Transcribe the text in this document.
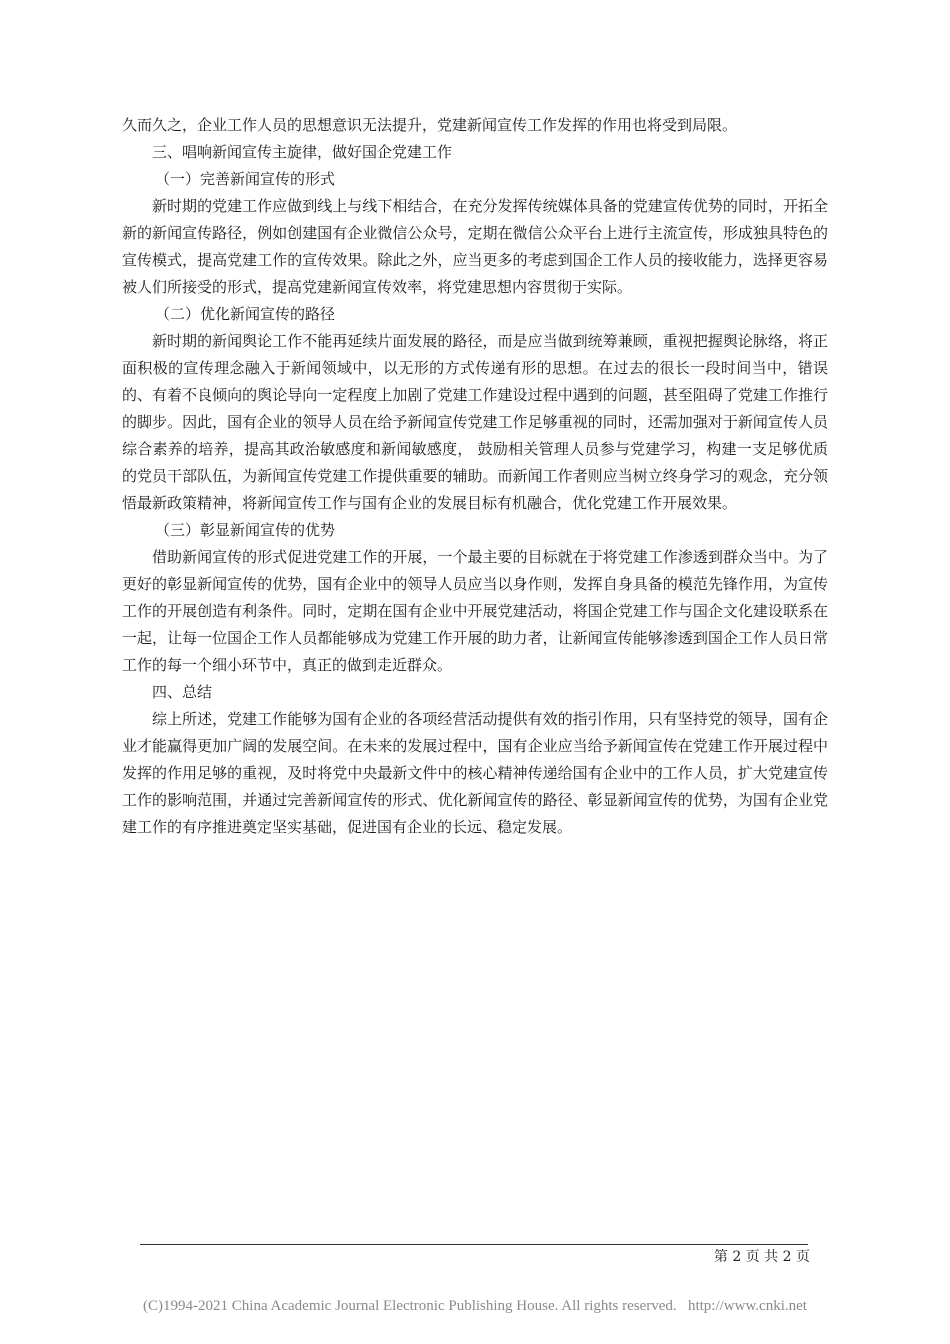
久而久之，企业工作人员的思想意识无法提升，党建新闻宣传工作发挥的作用也将受到局限。

三、唱响新闻宣传主旋律，做好国企党建工作

（一）完善新闻宣传的形式

新时期的党建工作应做到线上与线下相结合，在充分发挥传统媒体具备的党建宣传优势的同时，开拓全新的新闻宣传路径，例如创建国有企业微信公众号，定期在微信公众平台上进行主流宣传，形成独具特色的宣传模式，提高党建工作的宣传效果。除此之外，应当更多的考虑到国企工作人员的接收能力，选择更容易被人们所接受的形式，提高党建新闻宣传效率，将党建思想内容贯彻于实际。

（二）优化新闻宣传的路径

新时期的新闻舆论工作不能再延续片面发展的路径，而是应当做到统筹兼顾，重视把握舆论脉络，将正面积极的宣传理念融入于新闻领域中，以无形的方式传递有形的思想。在过去的很长一段时间当中，错误的、有着不良倾向的舆论导向一定程度上加剧了党建工作建设过程中遇到的问题，甚至阻碍了党建工作推行的脚步。因此，国有企业的领导人员在给予新闻宣传党建工作足够重视的同时，还需加强对于新闻宣传人员综合素养的培养，提高其政治敏感度和新闻敏感度， 鼓励相关管理人员参与党建学习，构建一支足够优质的党员干部队伍，为新闻宣传党建工作提供重要的辅助。而新闻工作者则应当树立终身学习的观念，充分领悟最新政策精神，将新闻宣传工作与国有企业的发展目标有机融合，优化党建工作开展效果。

（三）彰显新闻宣传的优势

借助新闻宣传的形式促进党建工作的开展，一个最主要的目标就在于将党建工作渗透到群众当中。为了更好的彰显新闻宣传的优势，国有企业中的领导人员应当以身作则，发挥自身具备的模范先锋作用，为宣传工作的开展创造有利条件。同时，定期在国有企业中开展党建活动，将国企党建工作与国企文化建设联系在一起，让每一位国企工作人员都能够成为党建工作开展的助力者，让新闻宣传能够渗透到国企工作人员日常工作的每一个细小环节中，真正的做到走近群众。

四、总结

综上所述，党建工作能够为国有企业的各项经营活动提供有效的指引作用，只有坚持党的领导，国有企业才能赢得更加广阔的发展空间。在未来的发展过程中，国有企业应当给予新闻宣传在党建工作开展过程中发挥的作用足够的重视，及时将党中央最新文件中的核心精神传递给国有企业中的工作人员，扩大党建宣传工作的影响范围，并通过完善新闻宣传的形式、优化新闻宣传的路径、彰显新闻宣传的优势，为国有企业党建工作的有序推进奠定坚实基础，促进国有企业的长远、稳定发展。

第 2 页 共 2 页
(C)1994-2021 China Academic Journal Electronic Publishing House. All rights reserved. http://www.cnki.net
